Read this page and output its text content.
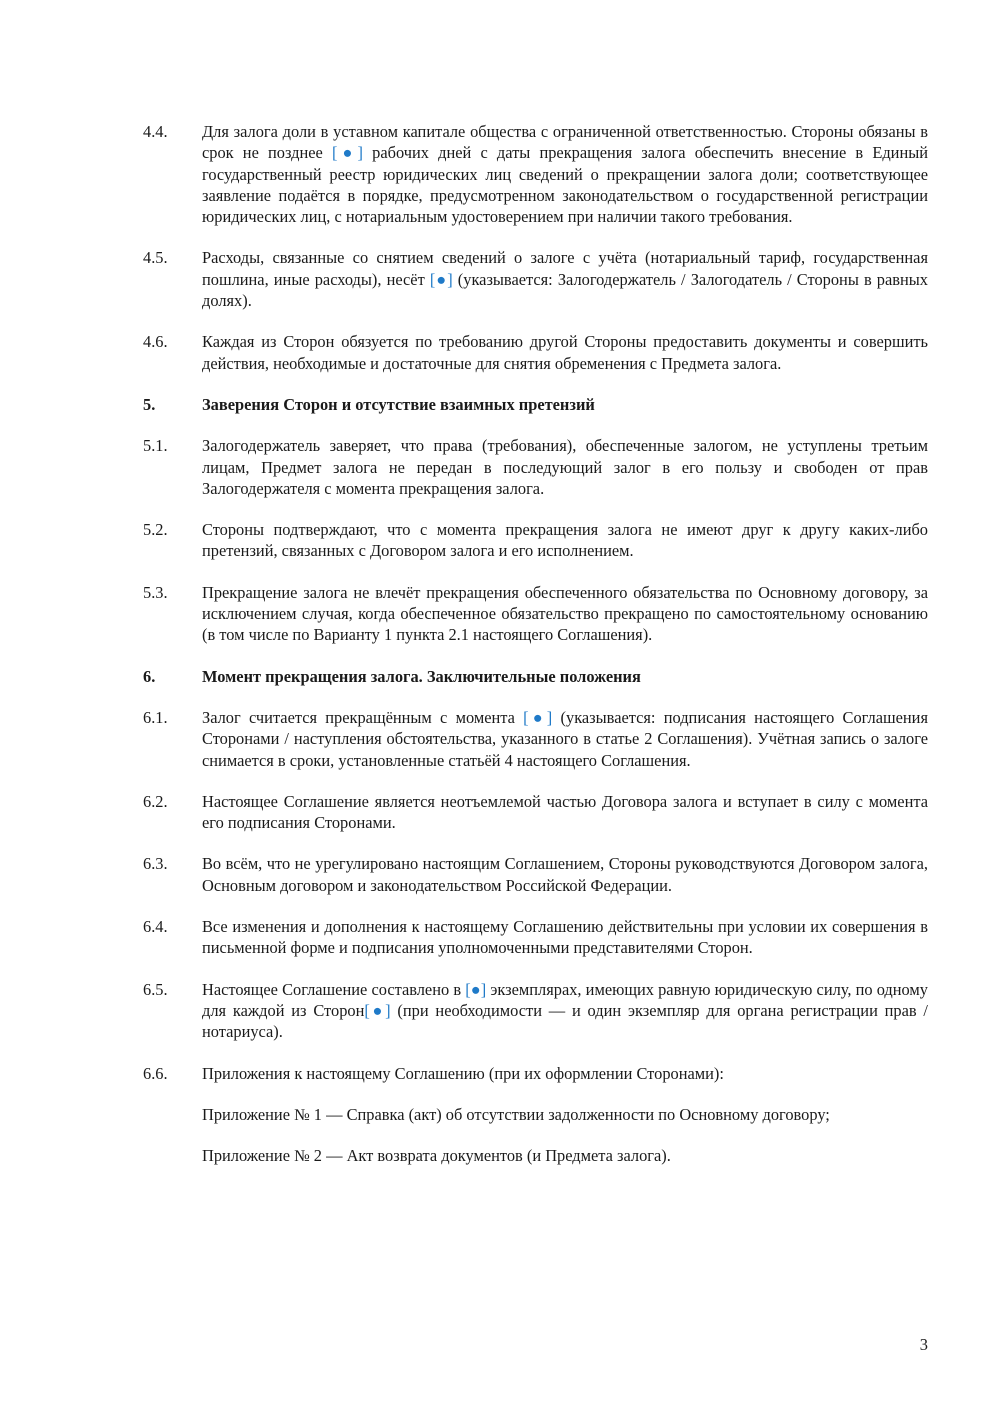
4.4.	Для залога доли в уставном капитале общества с ограниченной ответственностью. Стороны обязаны в срок не позднее [●] рабочих дней с даты прекращения залога обеспечить внесение в Единый государственный реестр юридических лиц сведений о прекращении залога доли; соответствующее заявление подаётся в порядке, предусмотренном законодательством о государственной регистрации юридических лиц, с нотариальным удостоверением при наличии такого требования.
4.5.	Расходы, связанные со снятием сведений о залоге с учёта (нотариальный тариф, государственная пошлина, иные расходы), несёт [●] (указывается: Залогодержатель / Залогодатель / Стороны в равных долях).
4.6.	Каждая из Сторон обязуется по требованию другой Стороны предоставить документы и совершить действия, необходимые и достаточные для снятия обременения с Предмета залога.
5.	Заверения Сторон и отсутствие взаимных претензий
5.1.	Залогодержатель заверяет, что права (требования), обеспеченные залогом, не уступлены третьим лицам, Предмет залога не передан в последующий залог в его пользу и свободен от прав Залогодержателя с момента прекращения залога.
5.2.	Стороны подтверждают, что с момента прекращения залога не имеют друг к другу каких-либо претензий, связанных с Договором залога и его исполнением.
5.3.	Прекращение залога не влечёт прекращения обеспеченного обязательства по Основному договору, за исключением случая, когда обеспеченное обязательство прекращено по самостоятельному основанию (в том числе по Варианту 1 пункта 2.1 настоящего Соглашения).
6.	Момент прекращения залога. Заключительные положения
6.1.	Залог считается прекращённым с момента [●] (указывается: подписания настоящего Соглашения Сторонами / наступления обстоятельства, указанного в статье 2 Соглашения). Учётная запись о залоге снимается в сроки, установленные статьёй 4 настоящего Соглашения.
6.2.	Настоящее Соглашение является неотъемлемой частью Договора залога и вступает в силу с момента его подписания Сторонами.
6.3.	Во всём, что не урегулировано настоящим Соглашением, Стороны руководствуются Договором залога, Основным договором и законодательством Российской Федерации.
6.4.	Все изменения и дополнения к настоящему Соглашению действительны при условии их совершения в письменной форме и подписания уполномоченными представителями Сторон.
6.5.	Настоящее Соглашение составлено в [●] экземплярах, имеющих равную юридическую силу, по одному для каждой из Сторон[●] (при необходимости — и один экземпляр для органа регистрации прав / нотариуса).
6.6.	Приложения к настоящему Соглашению (при их оформлении Сторонами):
Приложение № 1 — Справка (акт) об отсутствии задолженности по Основному договору;
Приложение № 2 — Акт возврата документов (и Предмета залога).
3
